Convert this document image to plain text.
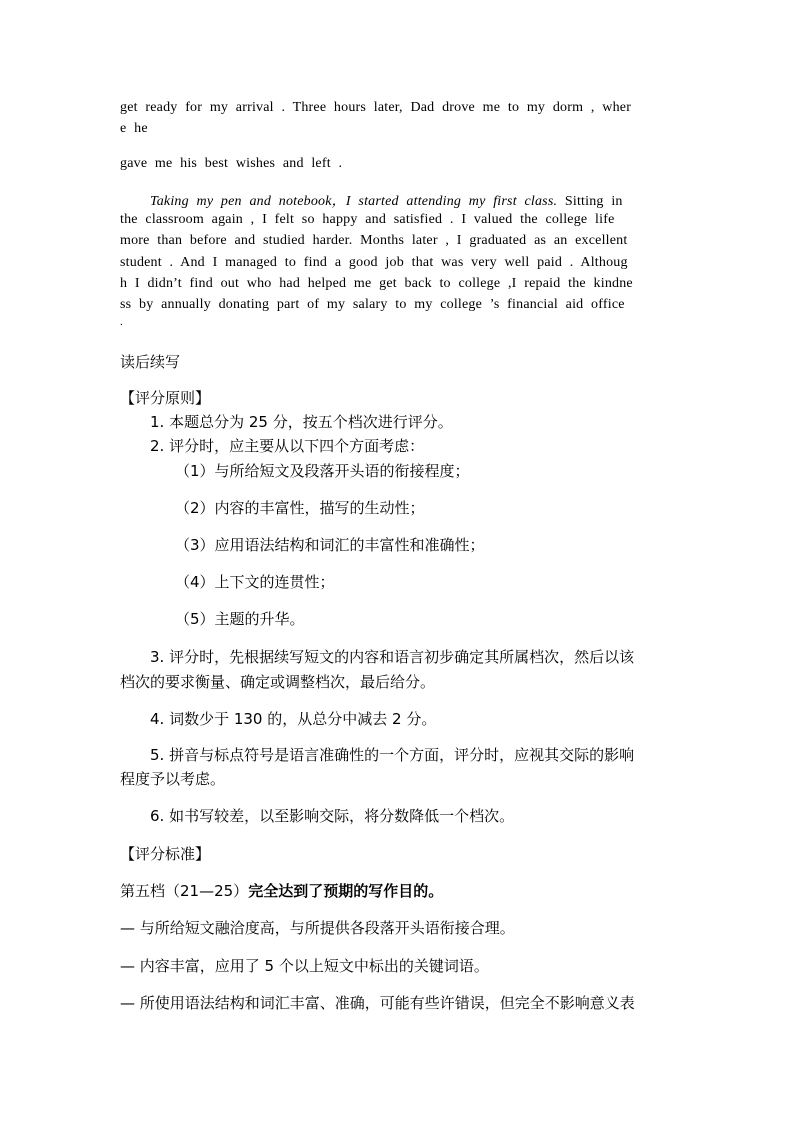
get ready for my arrival . Three hours later, Dad drove me to my dorm , wher
e he
gave me his best wishes and left .
Taking my pen and notebook，I started attending my first class. Sitting in
the classroom again , I felt so happy and satisfied . I valued the college life
more than before and studied harder. Months later , I graduated as an excellent
student . And I managed to find a good job that was very well paid . Althoug
h I didn’t find out who had helped me get back to college ,I repaid the kindne
ss by annually donating part of my salary to my college ’s financial aid office
.
读后续写
【评分原则】
1. 本题总分为 25 分，按五个档次进行评分。
2. 评分时，应主要从以下四个方面考虑：
（1）与所给短文及段落开头语的衔接程度；
（2）内容的丰富性，描写的生动性；
（3）应用语法结构和词汇的丰富性和准确性；
（4）上下文的连贯性；
（5）主题的升华。
3. 评分时，先根据续写短文的内容和语言初步确定其所属档次，然后以该
档次的要求衡量、确定或调整档次，最后给分。
4. 词数少于 130 的，从总分中减去 2 分。
5. 拼音与标点符号是语言准确性的一个方面，评分时，应视其交际的影响
程度予以考虑。
6. 如书写较差，以至影响交际，将分数降低一个档次。
【评分标准】
第五档（21—25）完全达到了预期的写作目的。
— 与所给短文融洽度高，与所提供各段落开头语衔接合理。
— 内容丰富，应用了 5 个以上短文中标出的关键词语。
— 所使用语法结构和词汇丰富、准确，可能有些许错误，但完全不影响意义表
